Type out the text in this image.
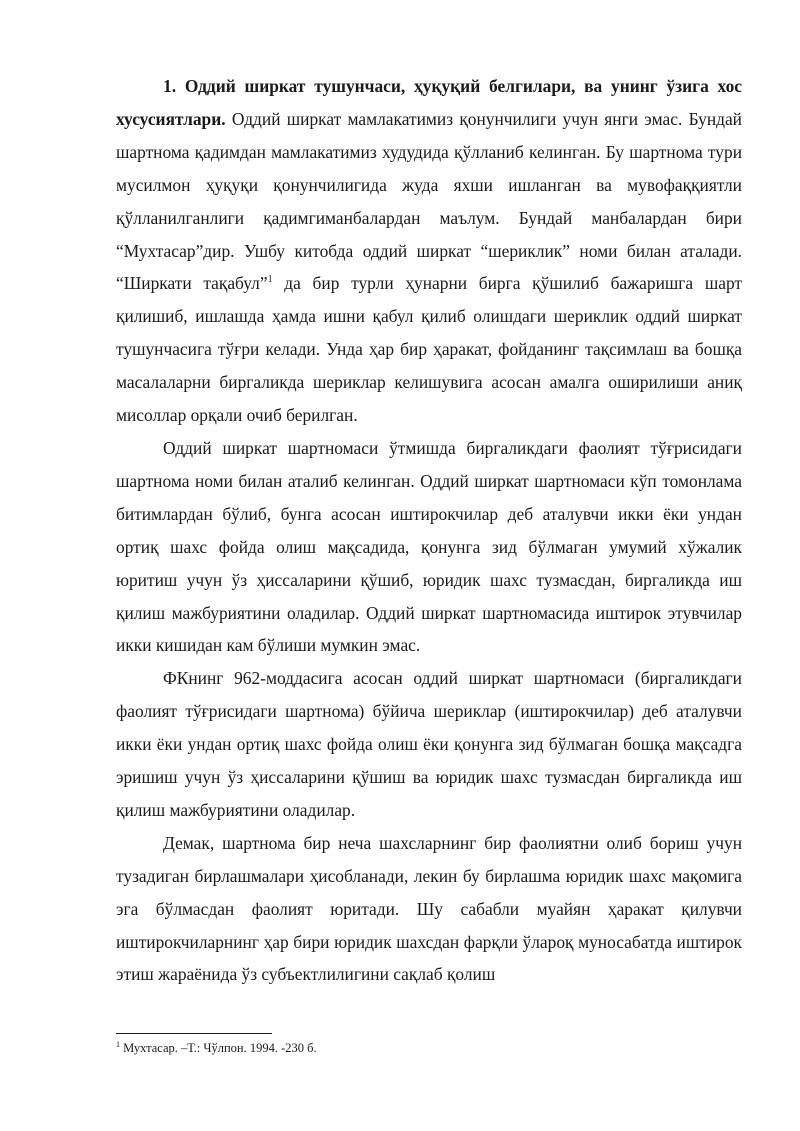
1. Оддий ширкат тушунчаси, ҳуқуқий белгилари, ва унинг ўзига хос хусусиятлари. Оддий ширкат мамлакатимиз қонунчилиги учун янги эмас. Бундай шартнома қадимдан мамлакатимиз худудида қўлланиб келинган. Бу шартнома тури мусилмон ҳуқуқи қонунчилигида жуда яхши ишланган ва мувофаққиятли қўлланилганлиги қадимгиманбалардан маълум. Бундай манбалардан бири “Мухтасар”дир. Ушбу китобда оддий ширкат “шериклик” номи билан аталади. “Ширкати тақабул”$^1$ да бир турли ҳунарни бирга қўшилиб бажаришга шарт қилишиб, ишлашда ҳамда ишни қабул қилиб олишдаги шериклик оддий ширкат тушунчасига тўғри келади. Унда ҳар бир ҳаракат, фойданинг тақсимлаш ва бошқа масалаларни биргаликда шериклар келишувига асосан амалга оширилиши аниқ мисоллар орқали очиб берилган.

Оддий ширкат шартномаси ўтмишда биргаликдаги фаолият тўғрисидаги шартнома номи билан аталиб келинган. Оддий ширкат шартномаси кўп томонлама битимлардан бўлиб, бунга асосан иштирокчилар деб аталувчи икки ёки ундан ортиқ шахс фойда олиш мақсадида, қонунга зид бўлмаган умумий хўжалик юритиш учун ўз ҳиссаларини қўшиб, юридик шахс тузмасдан, биргаликда иш қилиш мажбуриятини оладилар. Оддий ширкат шартномасида иштирок этувчилар икки кишидан кам бўлиши мумкин эмас.

ФКнинг 962-моддасига асосан оддий ширкат шартномаси (биргаликдаги фаолият тўғрисидаги шартнома) бўйича шериклар (иштирокчилар) деб аталувчи икки ёки ундан ортиқ шахс фойда олиш ёки қонунга зид бўлмаган бошқа мақсадга эришиш учун ўз ҳиссаларини қўшиш ва юридик шахс тузмасдан биргаликда иш қилиш мажбуриятини оладилар.

Демак, шартнома бир неча шахсларнинг бир фаолиятни олиб бориш учун тузадиган бирлашмалари ҳисобланади, лекин бу бирлашма юридик шахс мақомига эга бўлмасдан фаолият юритади. Шу сабабли муайян ҳаракат қилувчи иштирокчиларнинг ҳар бири юридик шахсдан фарқли ўлароқ муносабатда иштирок этиш жараёнида ўз субъектлилигини сақлаб қолиш

$^1$ Мухтасар. –Т.: Чўлпон. 1994. -230 б.
